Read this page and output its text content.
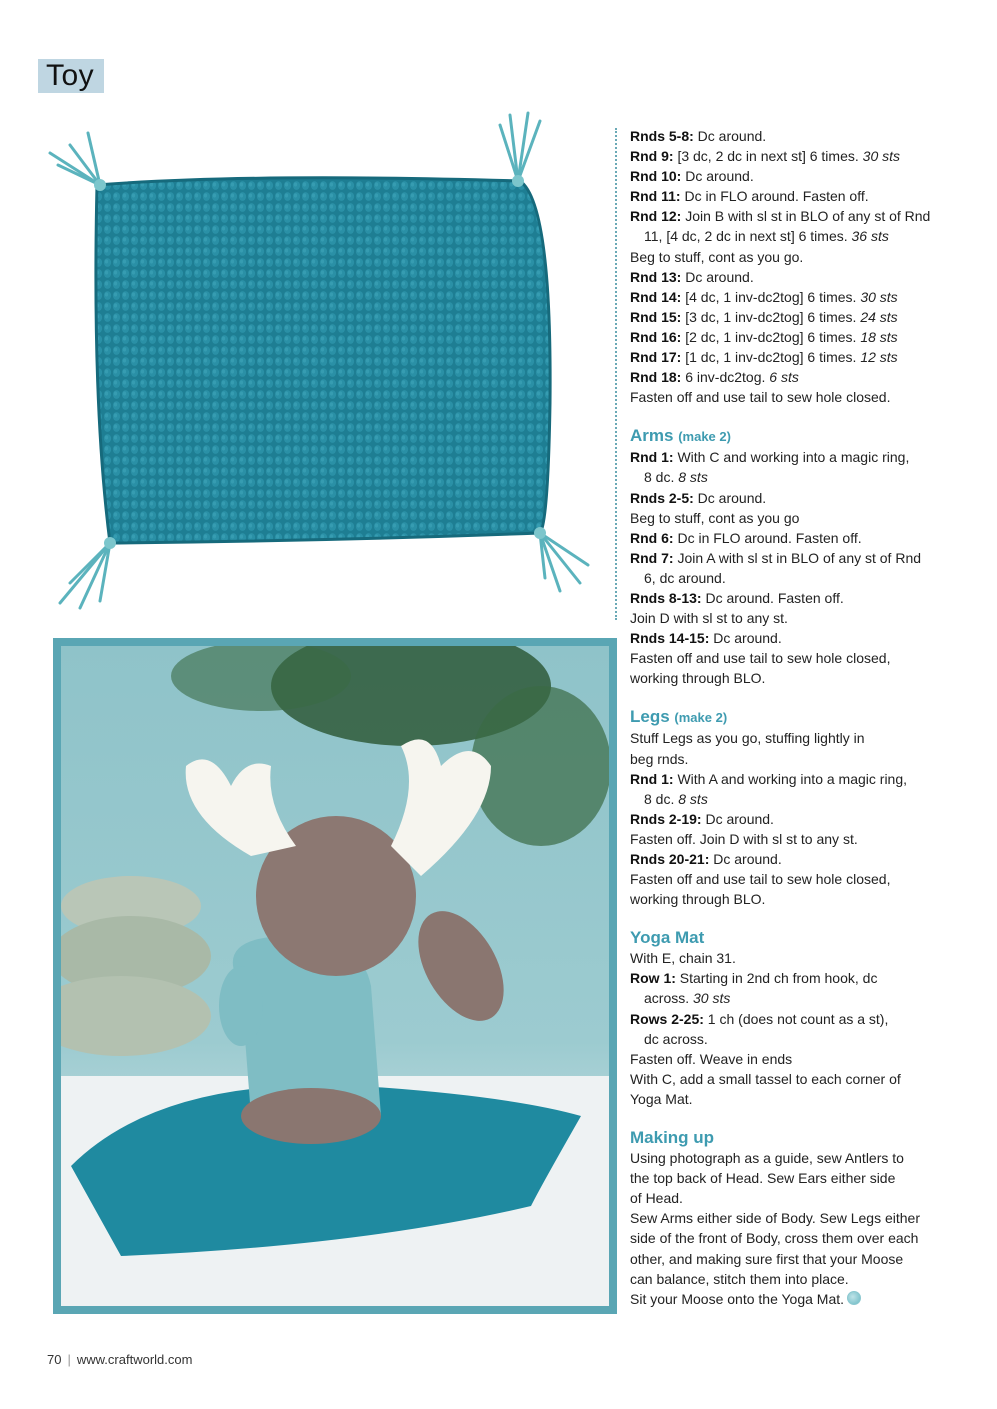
Toy
Rnds 5-8: Dc around.
Rnd 9: [3 dc, 2 dc in next st] 6 times. 30 sts
Rnd 10: Dc around.
Rnd 11: Dc in FLO around. Fasten off.
Rnd 12: Join B with sl st in BLO of any st of Rnd
11, [4 dc, 2 dc in next st] 6 times. 36 sts
Beg to stuff, cont as you go.
Rnd 13: Dc around.
Rnd 14: [4 dc, 1 inv-dc2tog] 6 times. 30 sts
Rnd 15: [3 dc, 1 inv-dc2tog] 6 times. 24 sts
Rnd 16: [2 dc, 1 inv-dc2tog] 6 times. 18 sts
Rnd 17: [1 dc, 1 inv-dc2tog] 6 times. 12 sts
Rnd 18: 6 inv-dc2tog. 6 sts
Fasten off and use tail to sew hole closed.
Arms (make 2)
Rnd 1: With C and working into a magic ring,
8 dc. 8 sts
Rnds 2-5: Dc around.
Beg to stuff, cont as you go
Rnd 6: Dc in FLO around. Fasten off.
Rnd 7: Join A with sl st in BLO of any st of Rnd
6, dc around.
Rnds 8-13: Dc around. Fasten off.
Join D with sl st to any st.
Rnds 14-15: Dc around.
Fasten off and use tail to sew hole closed,
working through BLO.
Legs (make 2)
Stuff Legs as you go, stuffing lightly in
beg rnds.
Rnd 1: With A and working into a magic ring,
8 dc. 8 sts
Rnds 2-19: Dc around.
Fasten off. Join D with sl st to any st.
Rnds 20-21: Dc around.
Fasten off and use tail to sew hole closed,
working through BLO.
Yoga Mat
With E, chain 31.
Row 1: Starting in 2nd ch from hook, dc
across. 30 sts
Rows 2-25: 1 ch (does not count as a st),
dc across.
Fasten off. Weave in ends
With C, add a small tassel to each corner of
Yoga Mat.
Making up
Using photograph as a guide, sew Antlers to
the top back of Head. Sew Ears either side
of Head.
Sew Arms either side of Body. Sew Legs either
side of the front of Body, cross them over each
other, and making sure first that your Moose
can balance, stitch them into place.
Sit your Moose onto the Yoga Mat.
70 | www.craftworld.com
